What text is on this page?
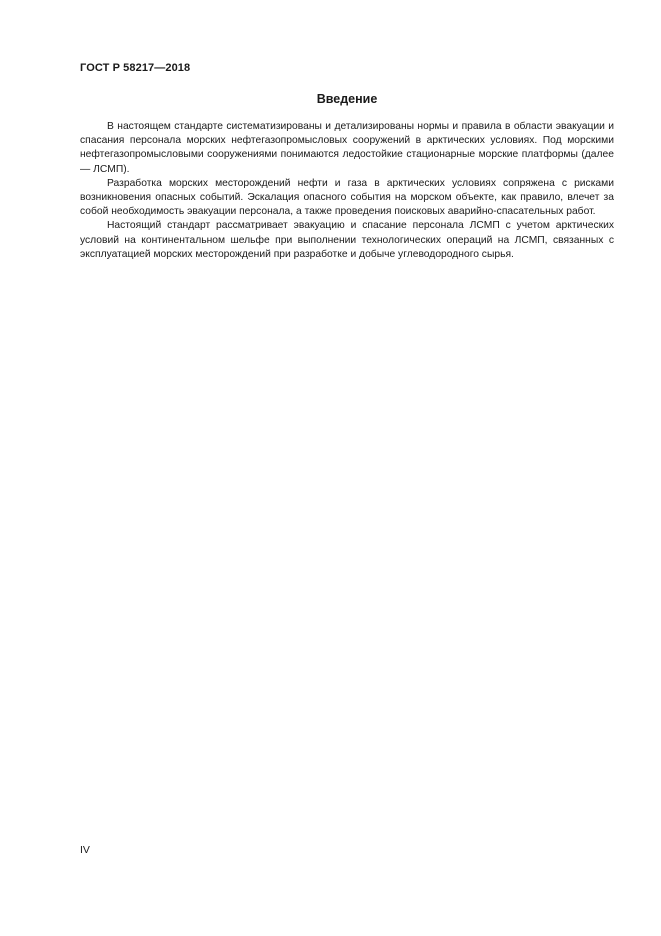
ГОСТ Р 58217—2018
Введение

В настоящем стандарте систематизированы и детализированы нормы и правила в области эвакуации и спасания персонала морских нефтегазопромысловых сооружений в арктических условиях. Под морскими нефтегазопромысловыми сооружениями понимаются ледостойкие стационарные морские платформы (далее — ЛСМП).

Разработка морских месторождений нефти и газа в арктических условиях сопряжена с рисками возникновения опасных событий. Эскалация опасного события на морском объекте, как правило, влечет за собой необходимость эвакуации персонала, а также проведения поисковых аварийно-спасательных работ.

Настоящий стандарт рассматривает эвакуацию и спасание персонала ЛСМП с учетом арктических условий на континентальном шельфе при выполнении технологических операций на ЛСМП, связанных с эксплуатацией морских месторождений при разработке и добыче углеводородного сырья.

IV
